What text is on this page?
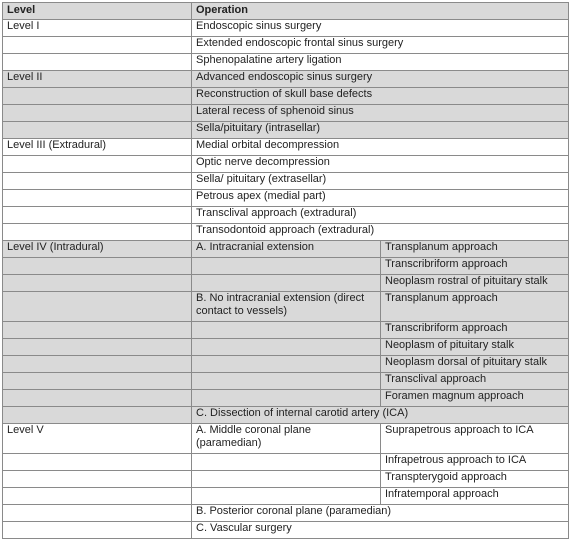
Level	Operation	
Level I	Endoscopic sinus surgery	
	Extended endoscopic frontal sinus surgery	
	Sphenopalatine artery ligation	
Level II	Advanced endoscopic sinus surgery	
	Reconstruction of skull base defects	
	Lateral recess of sphenoid sinus	
	Sella/pituitary (intrasellar)	
Level III (Extradural)	Medial orbital decompression	
	Optic nerve decompression	
	Sella/ pituitary (extrasellar)	
	Petrous apex (medial part)	
	Transclival approach (extradural)	
	Transodontoid approach (extradural)	
Level IV (Intradural)	A. Intracranial extension	Transplanum approach
		Transcribriform approach
		Neoplasm rostral of pituitary stalk
	B. No intracranial extension (direct contact to vessels)	Transplanum approach
		Transcribriform approach
		Neoplasm of pituitary stalk
		Neoplasm dorsal of pituitary stalk
		Transclival approach
		Foramen magnum approach
	C. Dissection of internal carotid artery (ICA)	
Level V	A. Middle coronal plane (paramedian)	Suprapetrous approach to ICA
		Infrapetrous approach to ICA
		Transpterygoid approach
		Infratemporal approach
	B. Posterior coronal plane (paramedian)	
	C. Vascular surgery	
